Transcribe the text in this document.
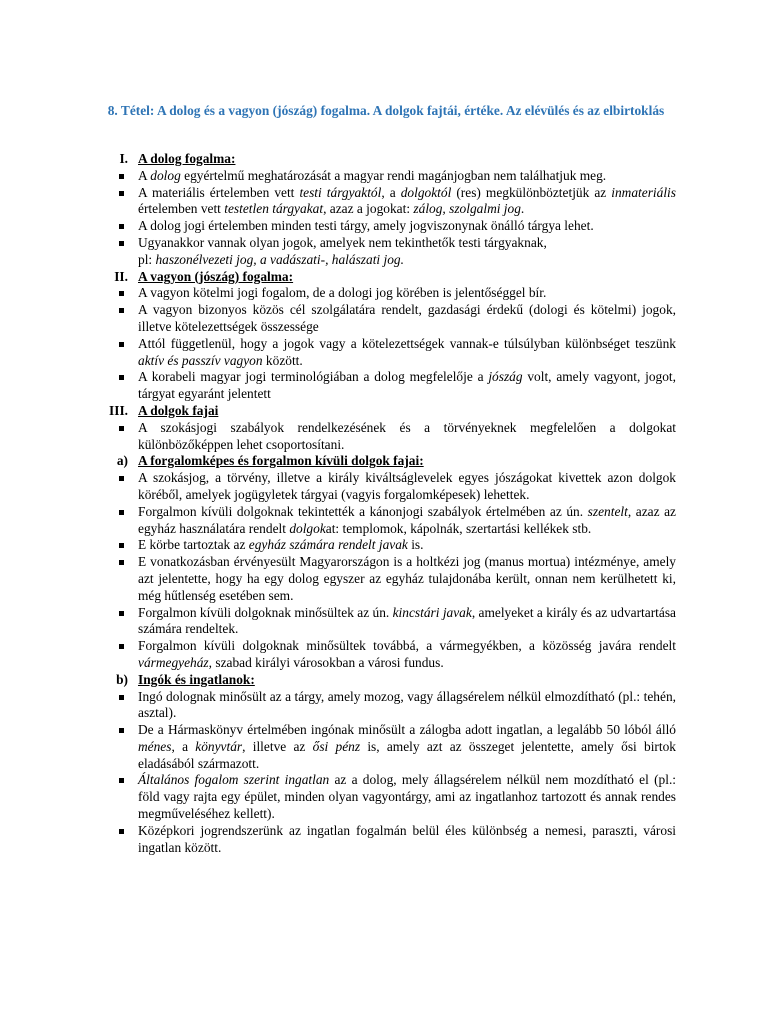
8. Tétel: A dolog és a vagyon (jószág) fogalma. A dolgok fajtái, értéke. Az elévülés és az elbirtoklás
I. A dolog fogalma:
A dolog egyértelmű meghatározását a magyar rendi magánjogban nem találhatjuk meg.
A materiális értelemben vett testi tárgyaktól, a dolgoktól (res) megkülönböztetjük az inmateriális értelemben vett testetlen tárgyakat, azaz a jogokat: zálog, szolgalmi jog.
A dolog jogi értelemben minden testi tárgy, amely jogviszonynak önálló tárgya lehet.
Ugyanakkor vannak olyan jogok, amelyek nem tekinthetők testi tárgyaknak,
pl: haszonélvezeti jog, a vadászati-, halászati jog.
II. A vagyon (jószág) fogalma:
A vagyon kötelmi jogi fogalom, de a dologi jog körében is jelentőséggel bír.
A vagyon bizonyos közös cél szolgálatára rendelt, gazdasági érdekű (dologi és kötelmi) jogok, illetve kötelezettségek összessége
Attól függetlenül, hogy a jogok vagy a kötelezettségek vannak-e túlsúlyban különbséget teszünk aktív és passzív vagyon között.
A korabeli magyar jogi terminológiában a dolog megfelelője a jószág volt, amely vagyont, jogot, tárgyat egyaránt jelentett
III. A dolgok fajai
A szokásjogi szabályok rendelkezésének és a törvényeknek megfelelően a dolgokat különbözőképpen lehet csoportosítani.
a) A forgalomképes és forgalmon kívüli dolgok fajai:
A szokásjog, a törvény, illetve a király kiváltságlevelek egyes jószágokat kivettek azon dolgok köréből, amelyek jogügyletek tárgyai (vagyis forgalomképesek) lehettek.
Forgalmon kívüli dolgoknak tekintették a kánonjogi szabályok értelmében az ún. szentelt, azaz az egyház használatára rendelt dolgokat: templomok, kápolnák, szertartási kellékek stb.
E körbe tartoztak az egyház számára rendelt javak is.
E vonatkozásban érvényesült Magyarországon is a holtkézi jog (manus mortua) intézménye, amely azt jelentette, hogy ha egy dolog egyszer az egyház tulajdonába került, onnan nem kerülhetett ki, még hűtlenség esetében sem.
Forgalmon kívüli dolgoknak minősültek az ún. kincstári javak, amelyeket a király és az udvartartása számára rendeltek.
Forgalmon kívüli dolgoknak minősültek továbbá, a vármegyékben, a közösség javára rendelt vármegyeház, szabad királyi városokban a városi fundus.
b) Ingók és ingatlanok:
Ingó dolognak minősült az a tárgy, amely mozog, vagy állagsérelem nélkül elmozdítható (pl.: tehén, asztal).
De a Hármaskönyv értelmében ingónak minősült a zálogba adott ingatlan, a legalább 50 lóból álló ménes, a könyvtár, illetve az ősi pénz is, amely azt az összeget jelentette, amely ősi birtok eladásából származott.
Általános fogalom szerint ingatlan az a dolog, mely állagsérelem nélkül nem mozdítható el (pl.: föld vagy rajta egy épület, minden olyan vagyontárgy, ami az ingatlanhoz tartozott és annak rendes megműveléséhez kellett).
Középkori jogrendszerünk az ingatlan fogalmán belül éles különbség a nemesi, paraszti, városi ingatlan között.
